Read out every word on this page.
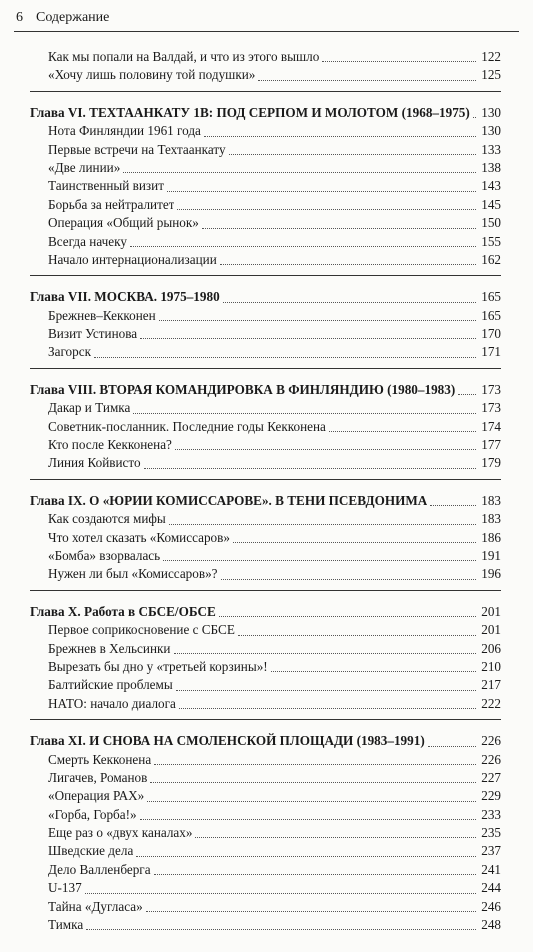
6 Содержание
Как мы попали на Валдай, и что из этого вышло	122
«Хочу лишь половину той подушки»	125
Глава VI. ТЕХТААНКАТУ 1В: ПОД СЕРПОМ И МОЛОТОМ (1968–1975) 130
Нота Финляндии 1961 года	130
Первые встречи на Техтаанкату	133
«Две линии»	138
Таинственный визит	143
Борьба за нейтралитет	145
Операция «Общий рынок»	150
Всегда начеку	155
Начало интернационализации	162
Глава VII. МОСКВА. 1975–1980	165
Брежнев–Кекконен	165
Визит Устинова	170
Загорск	171
Глава VIII. ВТОРАЯ КОМАНДИРОВКА В ФИНЛЯНДИЮ (1980–1983) 173
Дакар и Тимка	173
Советник-посланник. Последние годы Кекконена	174
Кто после Кекконена?	177
Линия Койвисто	179
Глава IX. О «ЮРИИ КОМИССАРОВЕ». В ТЕНИ ПСЕВДОНИМА	183
Как создаются мифы	183
Что хотел сказать «Комиссаров»	186
«Бомба» взорвалась	191
Нужен ли был «Комиссаров»?	196
Глава X. Работа в СБСЕ/ОБСЕ	201
Первое соприкосновение с СБСЕ	201
Брежнев в Хельсинки	206
Вырезать бы дно у «третьей корзины»!	210
Балтийские проблемы	217
НАТО: начало диалога	222
Глава XI. И СНОВА НА СМОЛЕНСКОЙ ПЛОЩАДИ (1983–1991)	226
Смерть Кекконена	226
Лигачев, Романов	227
«Операция РАХ»	229
«Горба, Горба!»	233
Еще раз о «двух каналах»	235
Шведские дела	237
Дело Валленберга	241
U-137	244
Тайна «Дугласа»	246
Тимка	248
